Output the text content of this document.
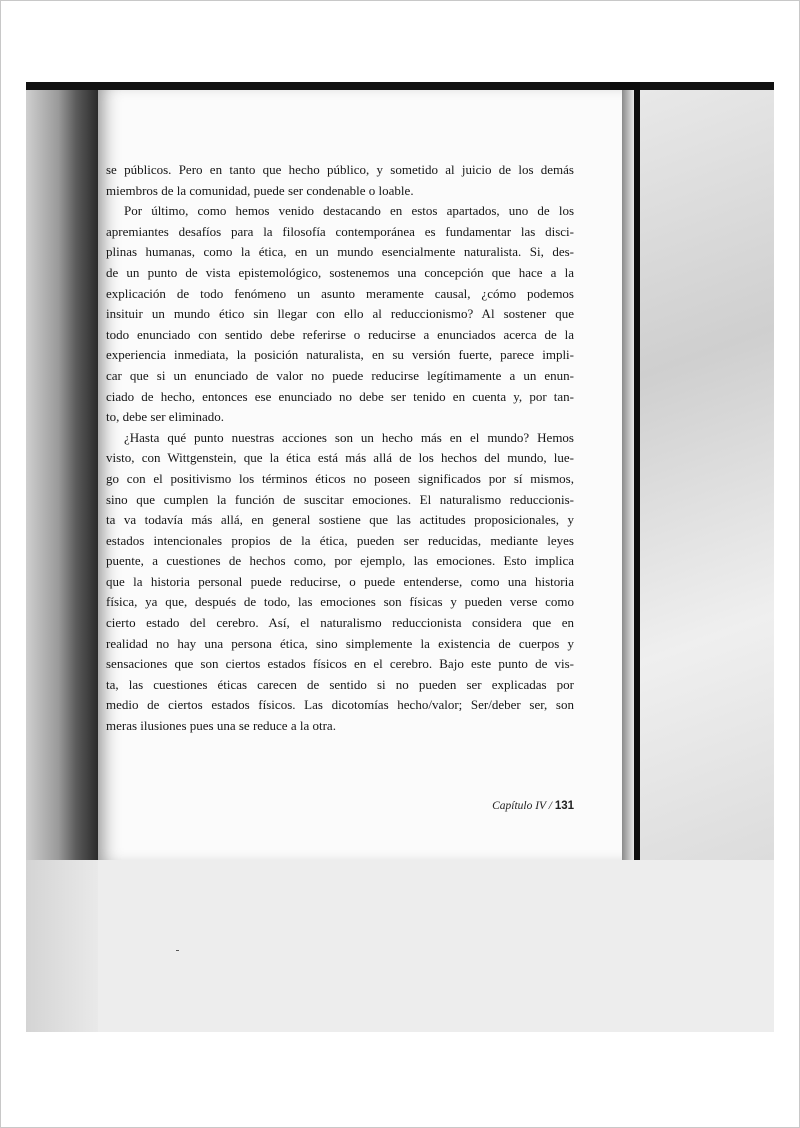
se públicos. Pero en tanto que hecho público, y sometido al juicio de los demás
miembros de la comunidad, puede ser condenable o loable.

Por último, como hemos venido destacando en estos apartados, uno de los
apremiantes desafíos para la filosofía contemporánea es fundamentar las disci-
plinas humanas, como la ética, en un mundo esencialmente naturalista. Si, des-
de un punto de vista epistemológico, sostenemos una concepción que hace a la
explicación de todo fenómeno un asunto meramente causal, ¿cómo podemos
insituir un mundo ético sin llegar con ello al reduccionismo? Al sostener que
todo enunciado con sentido debe referirse o reducirse a enunciados acerca de la
experiencia inmediata, la posición naturalista, en su versión fuerte, parece impli-
car que si un enunciado de valor no puede reducirse legítimamente a un enun-
ciado de hecho, entonces ese enunciado no debe ser tenido en cuenta y, por tan-
to, debe ser eliminado.

¿Hasta qué punto nuestras acciones son un hecho más en el mundo? Hemos
visto, con Wittgenstein, que la ética está más allá de los hechos del mundo, lue-
go con el positivismo los términos éticos no poseen significados por sí mismos,
sino que cumplen la función de suscitar emociones. El naturalismo reduccionis-
ta va todavía más allá, en general sostiene que las actitudes proposicionales, y
estados intencionales propios de la ética, pueden ser reducidas, mediante leyes
puente, a cuestiones de hechos como, por ejemplo, las emociones. Esto implica
que la historia personal puede reducirse, o puede entenderse, como una historia
física, ya que, después de todo, las emociones son físicas y pueden verse como
cierto estado del cerebro. Así, el naturalismo reduccionista considera que en
realidad no hay una persona ética, sino simplemente la existencia de cuerpos y
sensaciones que son ciertos estados físicos en el cerebro. Bajo este punto de vis-
ta, las cuestiones éticas carecen de sentido si no pueden ser explicadas por
medio de ciertos estados físicos. Las dicotomías hecho/valor; Ser/deber ser, son
meras ilusiones pues una se reduce a la otra.

Capítulo IV / 131
